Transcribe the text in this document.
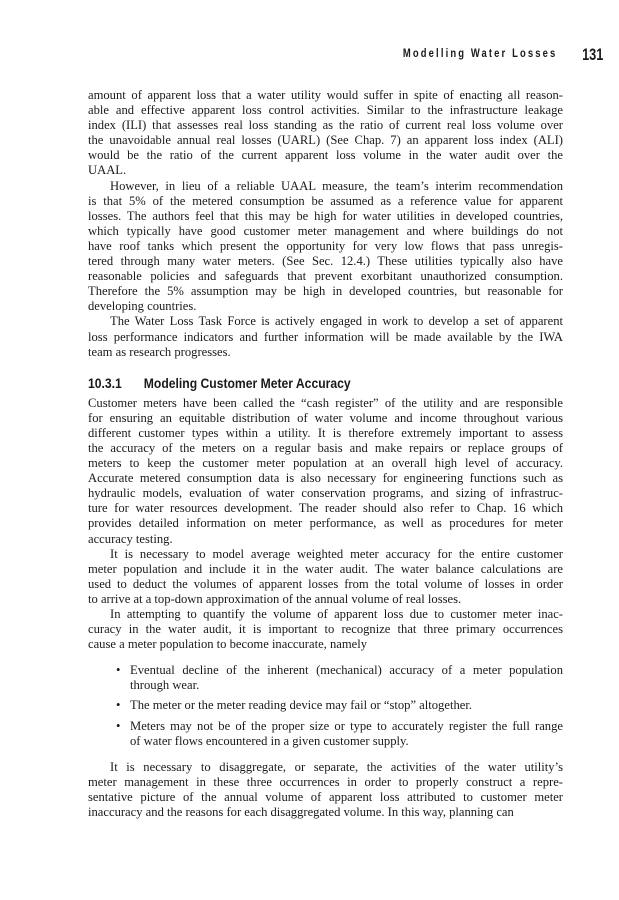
Modelling Water Losses 131
amount of apparent loss that a water utility would suffer in spite of enacting all reason-
able and effective apparent loss control activities. Similar to the infrastructure leakage
index (ILI) that assesses real loss standing as the ratio of current real loss volume over
the unavoidable annual real losses (UARL) (See Chap. 7) an apparent loss index (ALI)
would be the ratio of the current apparent loss volume in the water audit over the
UAAL.
However, in lieu of a reliable UAAL measure, the team’s interim recommendation
is that 5% of the metered consumption be assumed as a reference value for apparent
losses. The authors feel that this may be high for water utilities in developed countries,
which typically have good customer meter management and where buildings do not
have roof tanks which present the opportunity for very low flows that pass unregis-
tered through many water meters. (See Sec. 12.4.) These utilities typically also have
reasonable policies and safeguards that prevent exorbitant unauthorized consumption.
Therefore the 5% assumption may be high in developed countries, but reasonable for
developing countries.
The Water Loss Task Force is actively engaged in work to develop a set of apparent
loss performance indicators and further information will be made available by the IWA
team as research progresses.
10.3.1 Modeling Customer Meter Accuracy
Customer meters have been called the “cash register” of the utility and are responsible
for ensuring an equitable distribution of water volume and income throughout various
different customer types within a utility. It is therefore extremely important to assess
the accuracy of the meters on a regular basis and make repairs or replace groups of
meters to keep the customer meter population at an overall high level of accuracy.
Accurate metered consumption data is also necessary for engineering functions such as
hydraulic models, evaluation of water conservation programs, and sizing of infrastruc-
ture for water resources development. The reader should also refer to Chap. 16 which
provides detailed information on meter performance, as well as procedures for meter
accuracy testing.
It is necessary to model average weighted meter accuracy for the entire customer
meter population and include it in the water audit. The water balance calculations are
used to deduct the volumes of apparent losses from the total volume of losses in order
to arrive at a top-down approximation of the annual volume of real losses.
In attempting to quantify the volume of apparent loss due to customer meter inac-
curacy in the water audit, it is important to recognize that three primary occurrences
cause a meter population to become inaccurate, namely
• Eventual decline of the inherent (mechanical) accuracy of a meter population
through wear.
• The meter or the meter reading device may fail or “stop” altogether.
• Meters may not be of the proper size or type to accurately register the full range
of water flows encountered in a given customer supply.
It is necessary to disaggregate, or separate, the activities of the water utility’s
meter management in these three occurrences in order to properly construct a repre-
sentative picture of the annual volume of apparent loss attributed to customer meter
inaccuracy and the reasons for each disaggregated volume. In this way, planning can
